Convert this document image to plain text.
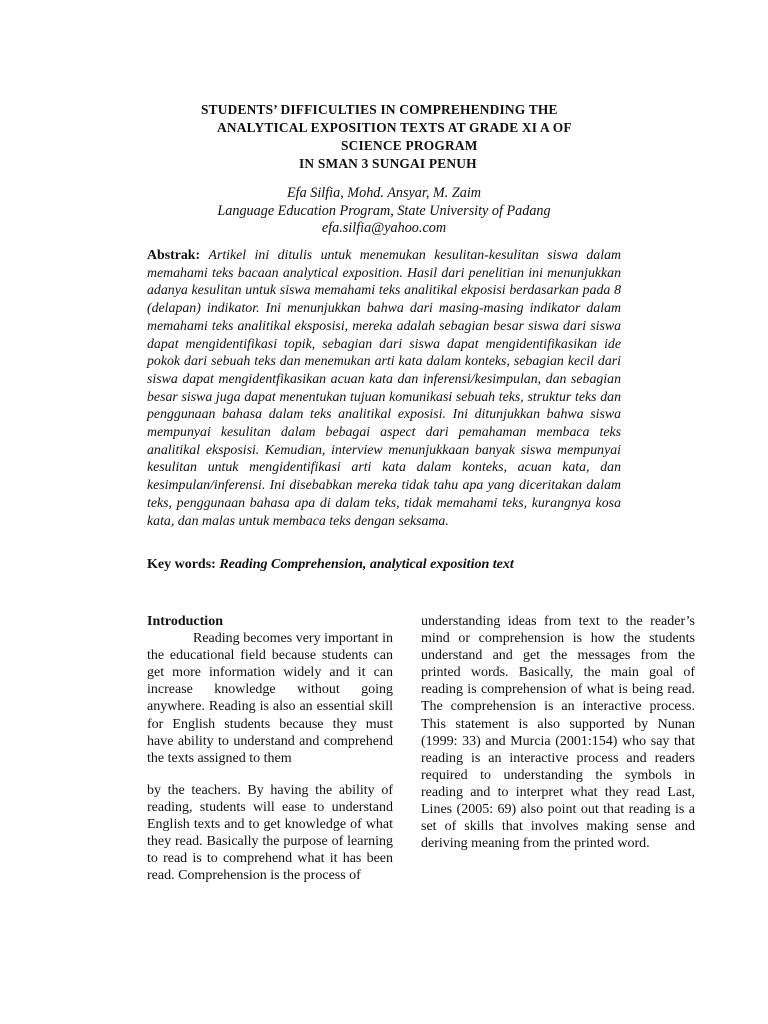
STUDENTS’ DIFFICULTIES IN COMPREHENDING THE
ANALYTICAL EXPOSITION TEXTS AT GRADE XI A OF
SCIENCE PROGRAM
IN SMAN 3 SUNGAI PENUH
Efa Silfia, Mohd. Ansyar, M. Zaim
Language Education Program, State University of Padang
efa.silfia@yahoo.com

Abstrak: Artikel ini ditulis untuk menemukan kesulitan-kesulitan siswa dalam memahami teks bacaan analytical exposition. Hasil dari penelitian ini menunjukkan adanya kesulitan untuk siswa memahami teks analitikal ekposisi berdasarkan pada 8 (delapan) indikator. Ini menunjukkan bahwa dari masing-masing indikator dalam memahami teks analitikal eksposisi, mereka adalah sebagian besar siswa dari siswa dapat mengidentifikasi topik, sebagian dari siswa dapat mengidentifikasikan ide pokok dari sebuah teks dan menemukan arti kata dalam konteks, sebagian kecil dari siswa dapat mengidentfikasikan acuan kata dan inferensi/kesimpulan, dan sebagian besar siswa juga dapat menentukan tujuan komunikasi sebuah teks, struktur teks dan penggunaan bahasa dalam teks analitikal exposisi. Ini ditunjukkan bahwa siswa mempunyai kesulitan dalam bebagai aspect dari pemahaman membaca teks analitikal eksposisi. Kemudian, interview menunjukkaan banyak siswa mempunyai kesulitan untuk mengidentifikasi arti kata dalam konteks, acuan kata, dan kesimpulan/inferensi. Ini disebabkan mereka tidak tahu apa yang diceritakan dalam teks, penggunaan bahasa apa di dalam teks, tidak memahami teks, kurangnya kosa kata, dan malas untuk membaca teks dengan seksama.

Key words: Reading Comprehension, analytical exposition text

Introduction

Reading becomes very important in the educational field because students can get more information widely and it can increase knowledge without going anywhere. Reading is also an essential skill for English students because they must have ability to understand and comprehend the texts assigned to them

by the teachers. By having the ability of reading, students will ease to understand English texts and to get knowledge of what they read. Basically the purpose of learning to read is to comprehend what it has been read. Comprehension is the process of

understanding ideas from text to the reader’s mind or comprehension is how the students understand and get the messages from the printed words. Basically, the main goal of reading is comprehension of what is being read. The comprehension is an interactive process. This statement is also supported by Nunan (1999: 33) and Murcia (2001:154) who say that reading is an interactive process and readers required to understanding the symbols in reading and to interpret what they read Last, Lines (2005: 69) also point out that reading is a set of skills that involves making sense and deriving meaning from the printed word.
